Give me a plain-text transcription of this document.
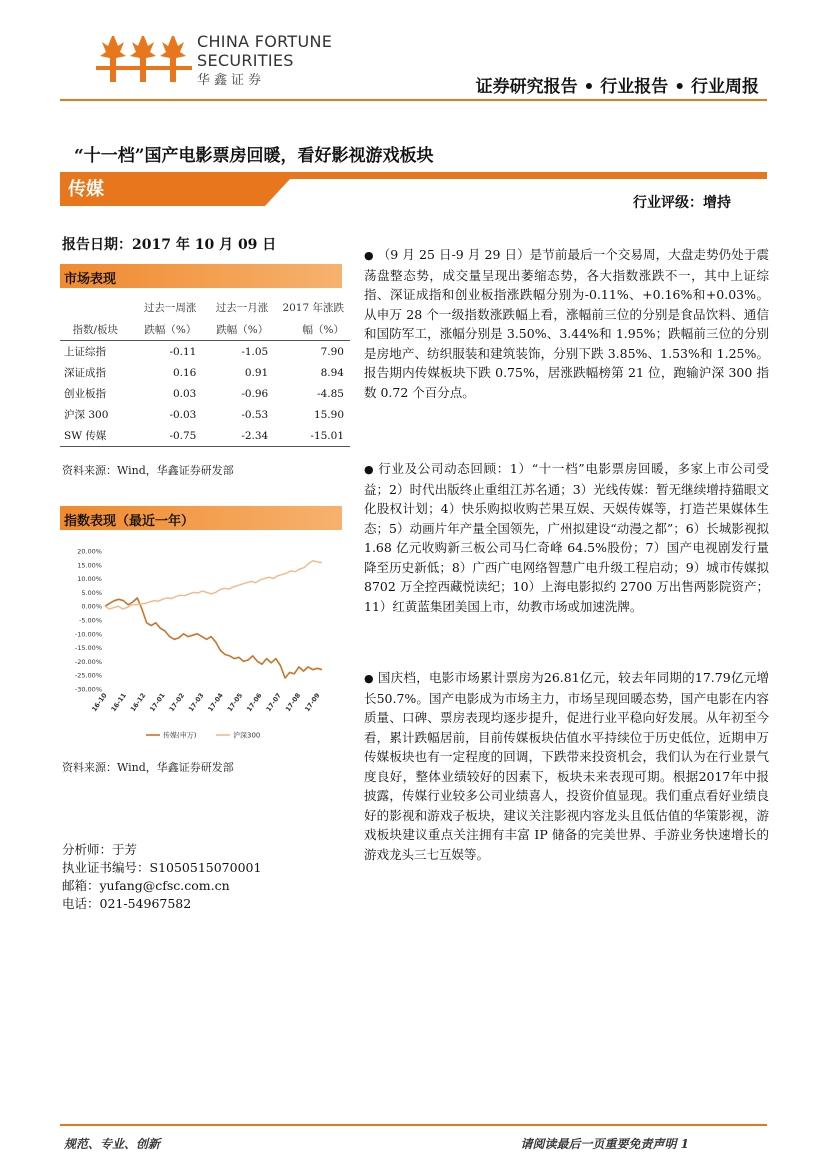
CHINA FORTUNE
SECURITIES
华鑫证券	证券研究报告 • 行业报告 • 行业周报
“十一档”国产电影票房回暖，看好影视游戏板块
传媒
行业评级：增持
报告日期：2017 年 10 月 09 日
市场表现
	过去一周涨	过去一月涨	2017 年涨跌
指数/板块	跌幅（%）	跌幅（%）	幅（%）
上证综指	-0.11	-1.05	7.90
深证成指	0.16	0.91	8.94
创业板指	0.03	-0.96	-4.85
沪深 300	-0.03	-0.53	15.90
SW 传媒	-0.75	-2.34	-15.01
资料来源：Wind，华鑫证券研发部
指数表现（最近一年）
20.00%
15.00%
10.00%
5.00%
0.00%
-5.00%
-10.00%
-15.00%
-20.00%
-25.00%
-30.00%
16-10 16-11 16-12 17-01 17-02 17-03 17-04 17-05 17-06 17-07 17-08 17-09
传媒(申万)	沪深300
资料来源：Wind，华鑫证券研发部
分析师：于芳
执业证书编号：S1050515070001
邮箱：yufang@cfsc.com.cn
电话：021-54967582
● （9 月 25 日-9 月 29 日）是节前最后一个交易周，大盘走势仍处于震荡盘整态势，成交量呈现出萎缩态势，各大指数涨跌不一，其中上证综指、深证成指和创业板指涨跌幅分别为-0.11%、+0.16%和+0.03%。从申万 28 个一级指数涨跌幅上看，涨幅前三位的分别是食品饮料、通信和国防军工，涨幅分别是 3.50%、3.44%和 1.95%；跌幅前三位的分别是房地产、纺织服装和建筑装饰，分别下跌 3.85%、1.53%和 1.25%。报告期内传媒板块下跌 0.75%，居涨跌幅榜第 21 位，跑输沪深 300 指数 0.72 个百分点。
● 行业及公司动态回顾：1）“十一档”电影票房回暖，多家上市公司受益；2）时代出版终止重组江苏名通；3）光线传媒：暂无继续增持猫眼文化股权计划；4）快乐购拟收购芒果互娱、天娱传媒等，打造芒果媒体生态；5）动画片年产量全国领先，广州拟建设“动漫之都”；6）长城影视拟 1.68 亿元收购新三板公司马仁奇峰 64.5%股份；7）国产电视剧发行量降至历史新低；8）广西广电网络智慧广电升级工程启动；9）城市传媒拟 8702 万全控西藏悦读纪；10）上海电影拟约 2700 万出售两影院资产；11）红黄蓝集团美国上市，幼教市场或加速洗牌。
● 国庆档，电影市场累计票房为26.81亿元，较去年同期的17.79亿元增长50.7%。国产电影成为市场主力，市场呈现回暖态势，国产电影在内容质量、口碑、票房表现均逐步提升，促进行业平稳向好发展。从年初至今看，累计跌幅居前，目前传媒板块估值水平持续位于历史低位，近期申万传媒板块也有一定程度的回调，下跌带来投资机会，我们认为在行业景气度良好，整体业绩较好的因素下，板块未来表现可期。根据2017年中报披露，传媒行业较多公司业绩喜人，投资价值显现。我们重点看好业绩良好的影视和游戏子板块，建议关注影视内容龙头且低估值的华策影视，游戏板块建议重点关注拥有丰富 IP 储备的完美世界、手游业务快速增长的游戏龙头三七互娱等。
规范、专业、创新	请阅读最后一页重要免责声明 1
